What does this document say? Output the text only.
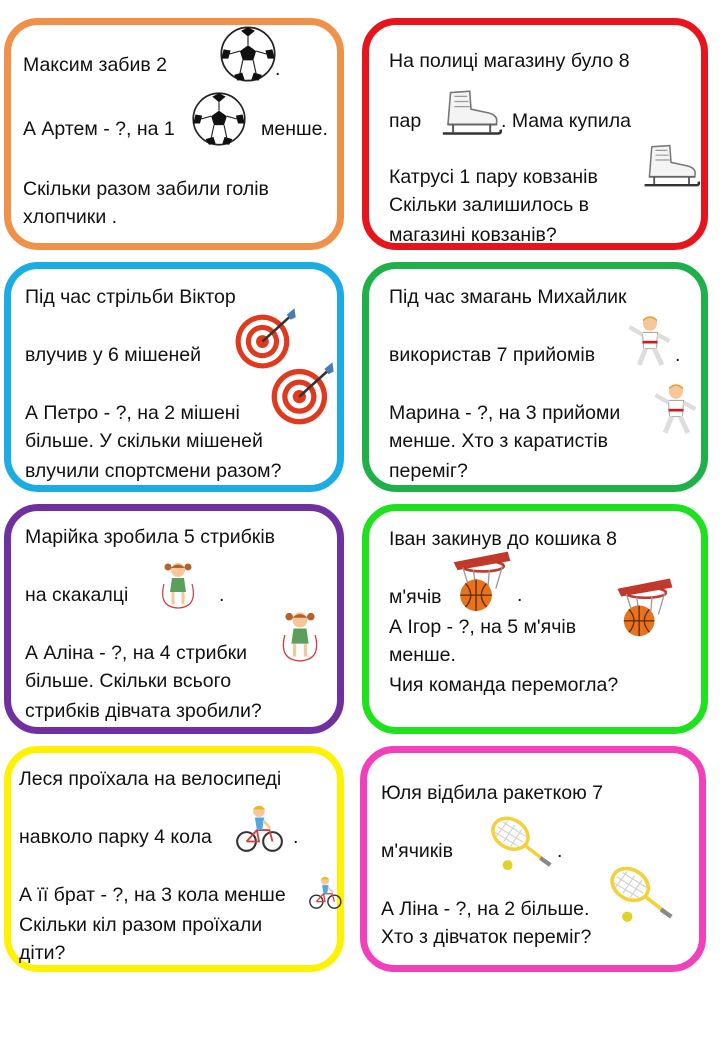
Максим забив 2	.
А Артем - ?, на 1	менше.
Скільки разом забили голів
хлопчики .
На полиці магазину було 8
пар	. Мама купила
Катрусі 1 пару ковзанів
Скільки залишилось в
магазині ковзанів?
Під час стрільби Віктор
влучив у 6 мішеней
А Петро - ?, на 2 мішені
більше. У скільки мішеней
влучили спортсмени разом?
Під час змагань Михайлик
використав 7 прийомів	.
Марина - ?, на 3 прийоми
менше. Хто з каратистів
переміг?
Марійка зробила 5 стрибків
на скакалці	.
А Аліна - ?, на 4 стрибки
більше. Скільки всього
стрибків дівчата зробили?
Іван закинув до кошика 8
м'ячів	.
А Ігор - ?, на 5 м'ячів
менше.
Чия команда перемогла?
Леся проїхала на велосипеді
навколо парку 4 кола	.
А її брат - ?, на 3 кола менше
Скільки кіл разом проїхали
діти?
Юля відбила ракеткою 7
м'ячиків	.
А Ліна - ?, на 2 більше.
Хто з дівчаток переміг?
